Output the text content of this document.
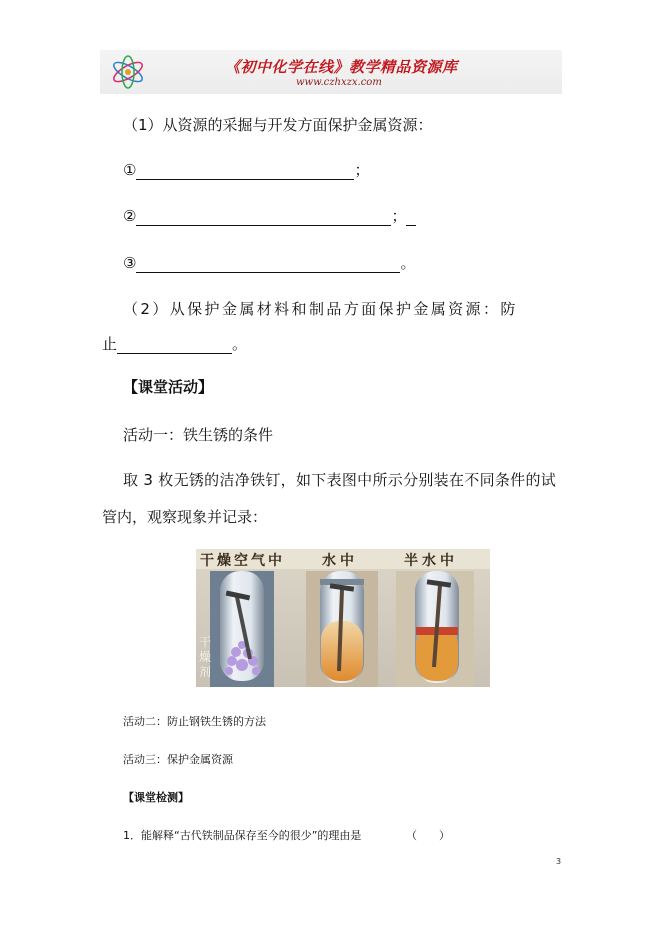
《初中化学在线》教学精品资源库
www.czhxzx.com
（1）从资源的采掘与开发方面保护金属资源：
①	；
②	；
③	。
（2）从保护金属材料和制品方面保护金属资源：防
止	。
【课堂活动】
活动一：铁生锈的条件
取 3 枚无锈的洁净铁钉，如下表图中所示分别装在不同条件的试
管内，观察现象并记录：
干燥空气中	水中	半水中
干
燥
剂
活动二：防止钢铁生锈的方法
活动三：保护金属资源
【课堂检测】
1．能解释“古代铁制品保存至今的很少”的理由是	（　　）
3
